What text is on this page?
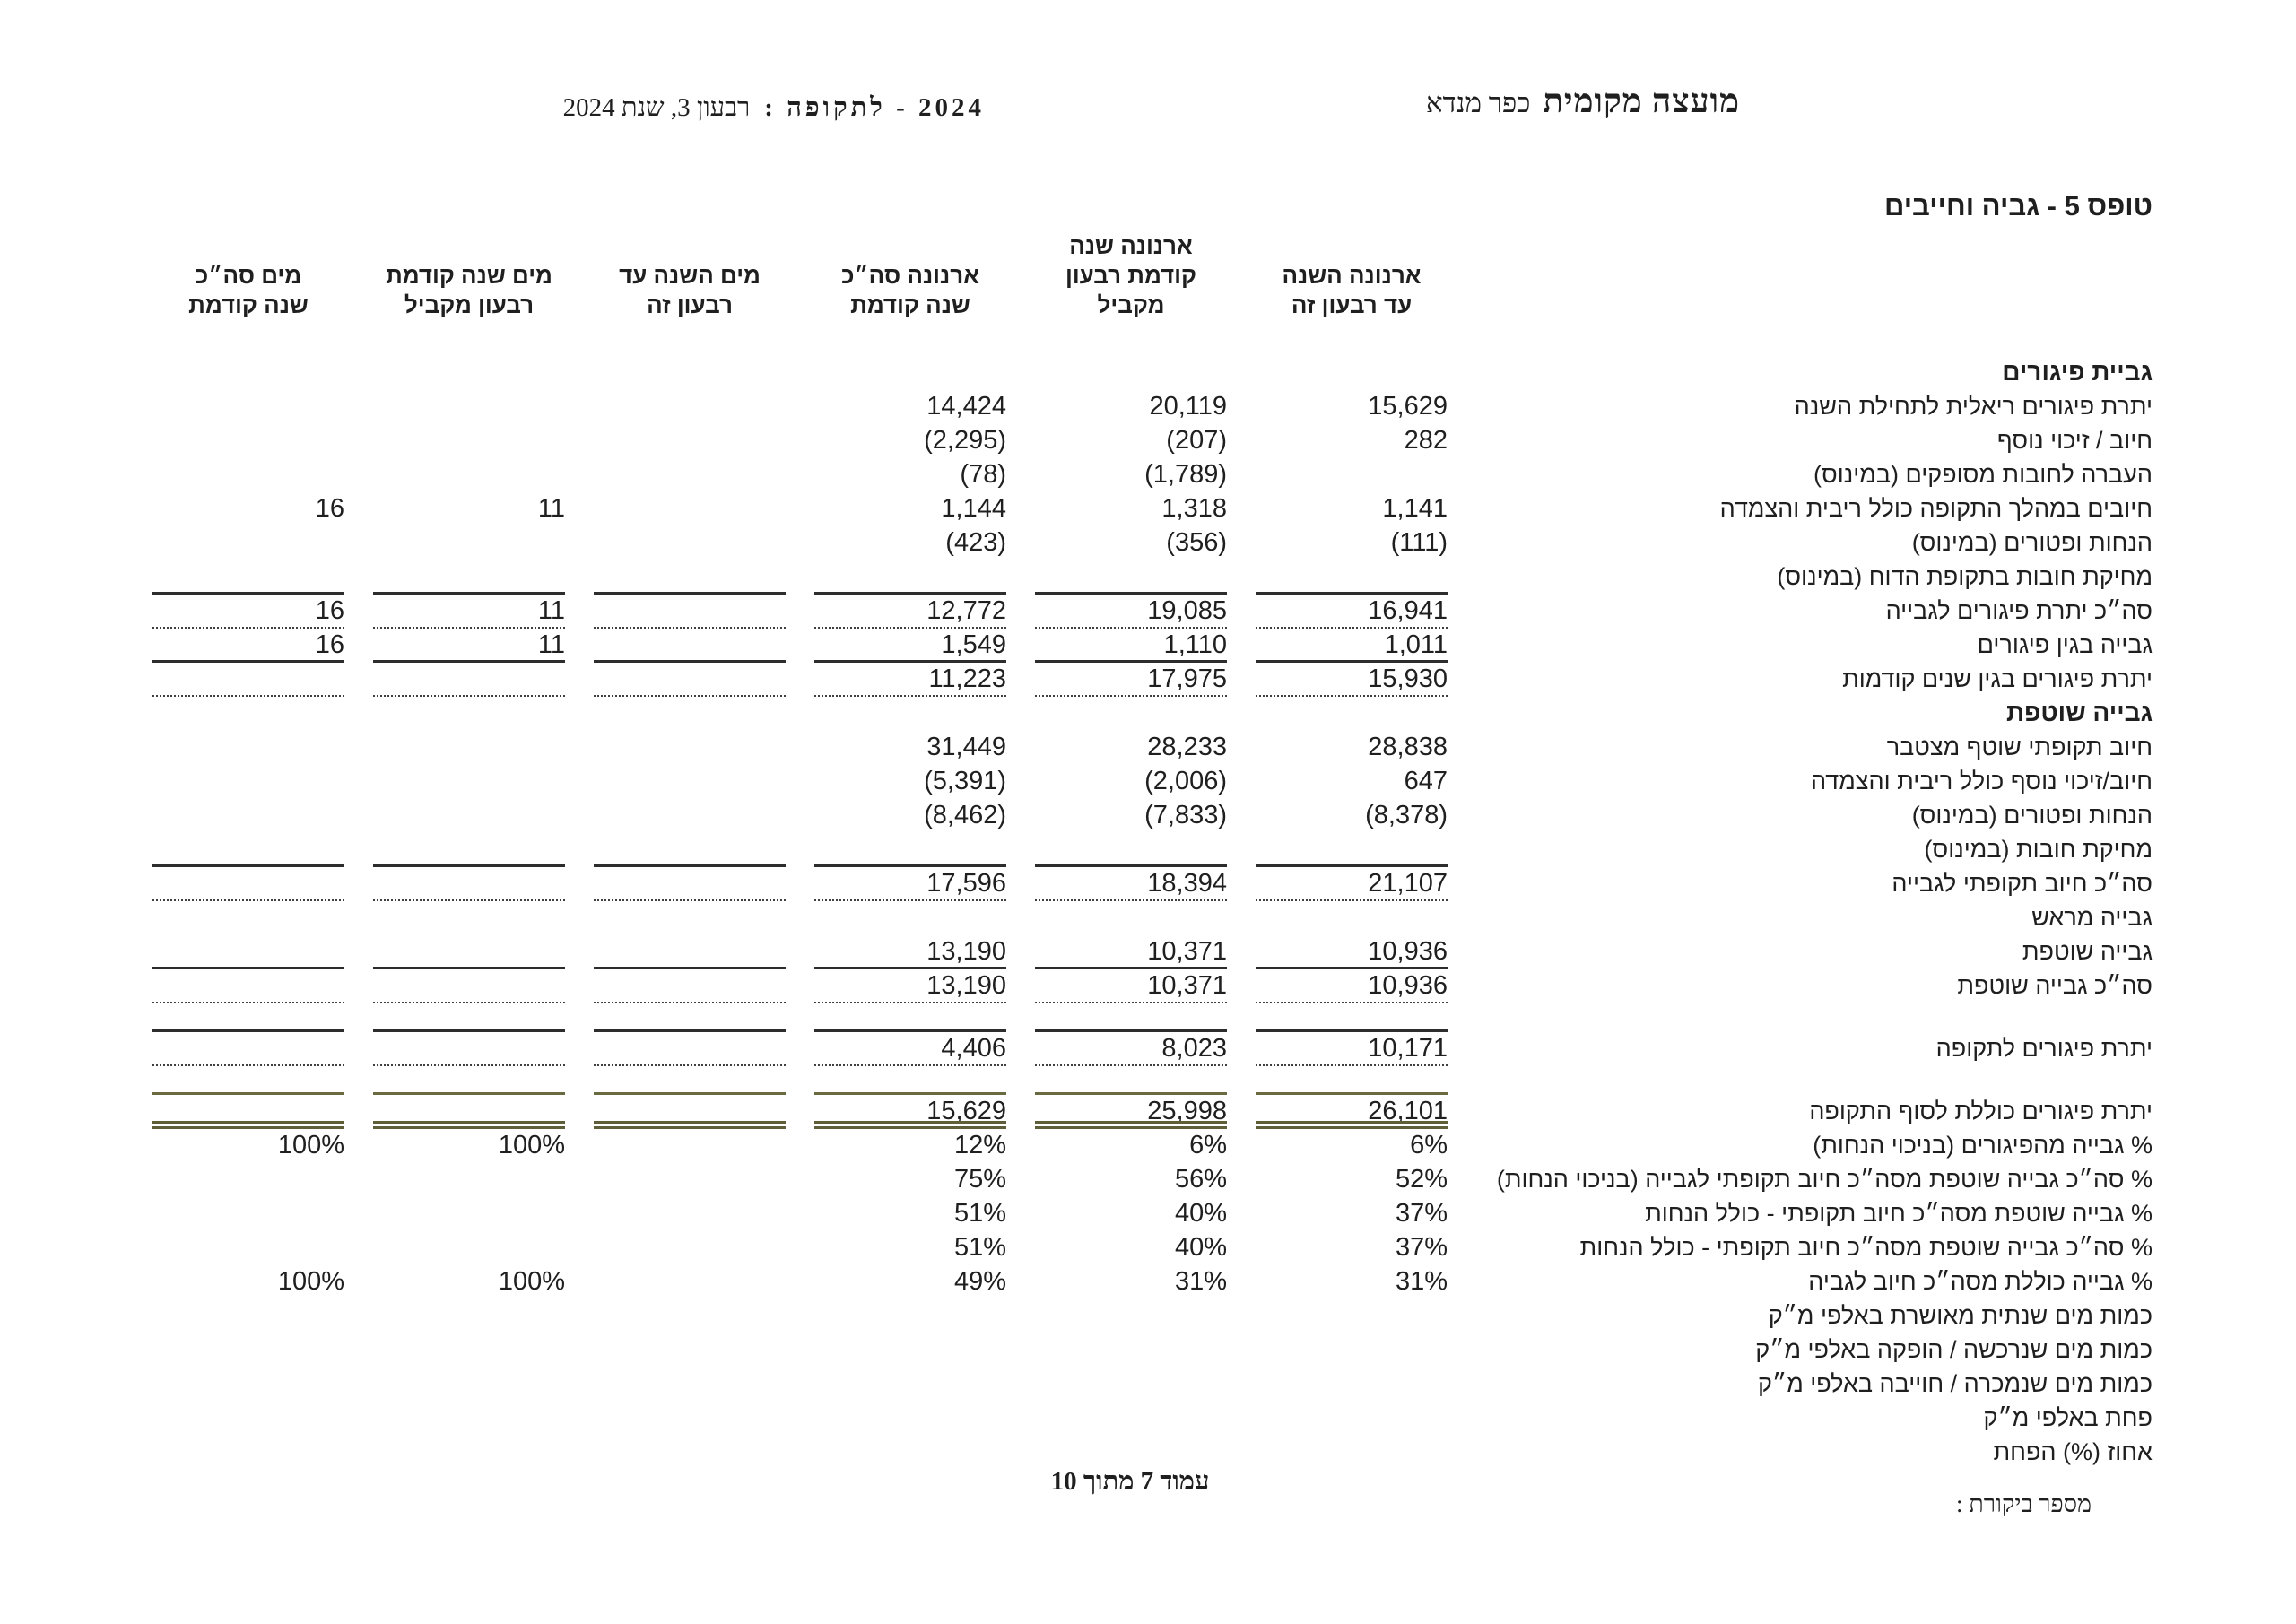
מועצה מקומית
כפר מנדא
2024 - לתקופה :
רבעון 3, שנת 2024
טופס 5 - גביה וחייבים
ארנונה השנה
עד רבעון זה
ארנונה שנה
קודמת רבעון
מקביל
ארנונה סה״כ
שנה קודמת
מים השנה עד
רבעון זה
מים שנה קודמת
רבעון מקביל
מים סה״כ
שנה קודמת
גביית פיגורים
יתרת פיגורים ריאלית לתחילת השנה
15,629
20,119
14,424
חיוב / זיכוי נוסף
282
(207)
(2,295)
העברה לחובות מסופקים (במינוס)
(1,789)
(78)
חיובים במהלך התקופה כולל ריבית והצמדה
1,141
1,318
1,144
11
16
הנחות ופטורים (במינוס)
(111)
(356)
(423)
מחיקת חובות בתקופת הדוח (במינוס)
סה״כ יתרת פיגורים לגבייה
16,941
19,085
12,772
11
16
גבייה בגין פיגורים
1,011
1,110
1,549
11
16
יתרת פיגורים בגין שנים קודמות
15,930
17,975
11,223
גבייה שוטפת
חיוב תקופתי שוטף מצטבר
28,838
28,233
31,449
חיוב/זיכוי נוסף כולל ריבית והצמדה
647
(2,006)
(5,391)
הנחות ופטורים (במינוס)
(8,378)
(7,833)
(8,462)
מחיקת חובות (במינוס)
סה״כ חיוב תקופתי לגבייה
21,107
18,394
17,596
גבייה מראש
גבייה שוטפת
10,936
10,371
13,190
סה״כ גבייה שוטפת
10,936
10,371
13,190
יתרת פיגורים לתקופה
10,171
8,023
4,406
יתרת פיגורים כוללת לסוף התקופה
26,101
25,998
15,629
% גבייה מהפיגורים (בניכוי הנחות)
6%
6%
12%
100%
100%
% סה״כ גבייה שוטפת מסה״כ חיוב תקופתי לגבייה (בניכוי הנחות)
52%
56%
75%
% גבייה שוטפת מסה״כ חיוב תקופתי - כולל הנחות
37%
40%
51%
% סה״כ גבייה שוטפת מסה״כ חיוב תקופתי - כולל הנחות
37%
40%
51%
% גבייה כוללת מסה״כ חיוב לגביה
31%
31%
49%
100%
100%
כמות מים שנתית מאושרת באלפי מ״ק
כמות מים שנרכשה / הופקה באלפי מ״ק
כמות מים שנמכרה / חוייבה באלפי מ״ק
פחת באלפי מ״ק
אחוז (%) הפחת
עמוד 7 מתוך 10
מספר ביקורת :
